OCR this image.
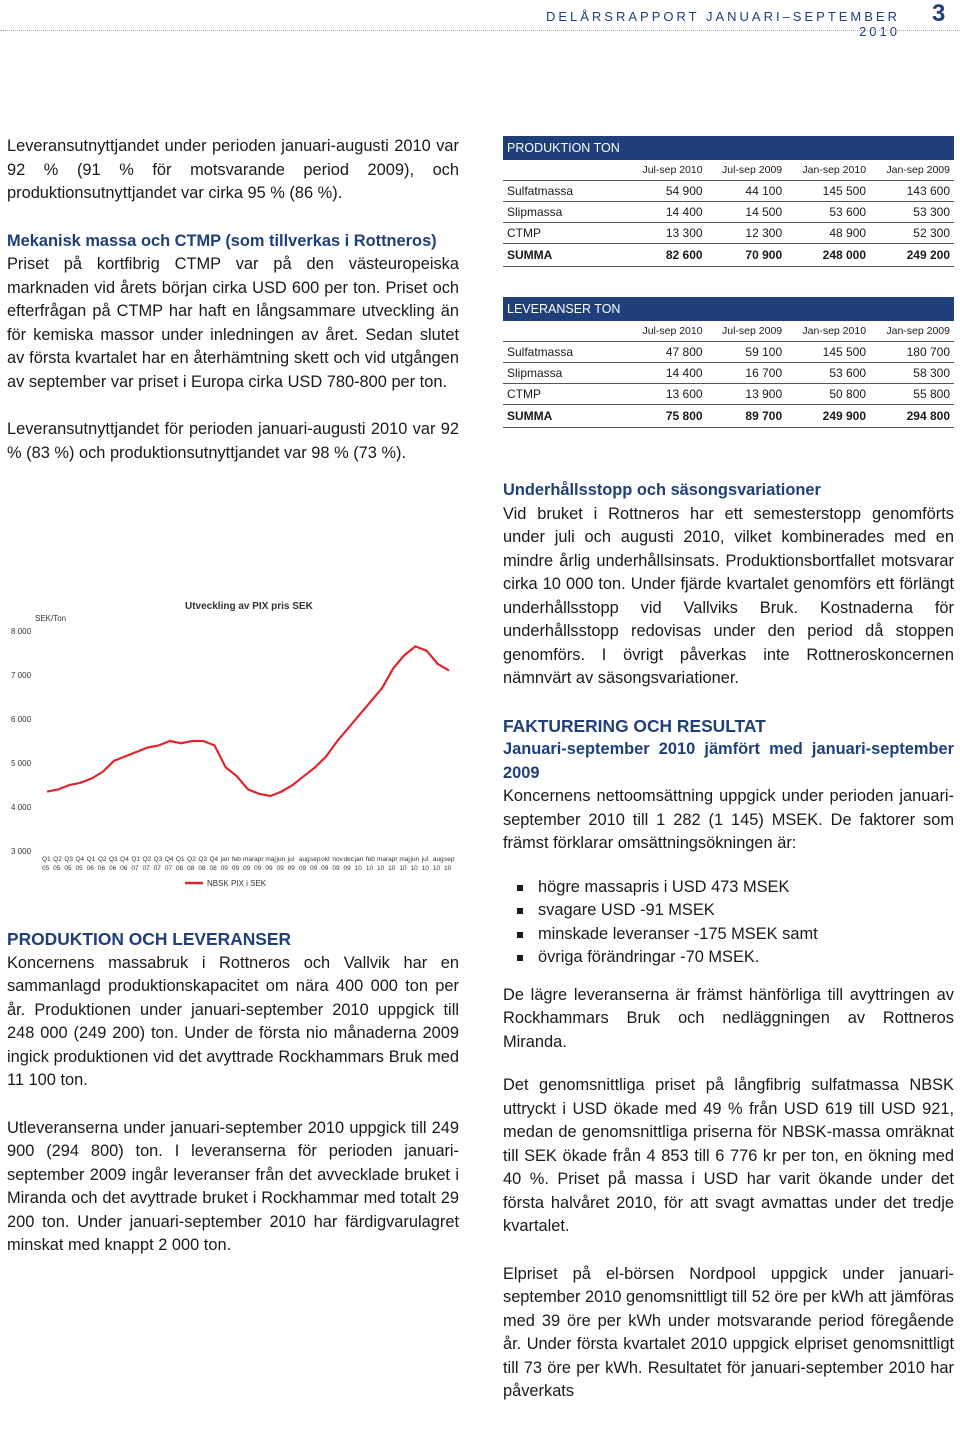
DELÅRSRAPPORT JANUARI–SEPTEMBER 2010
3

Leveransutnyttjandet under perioden januari-augusti 2010 var 92 % (91 % för motsvarande period 2009), och produktionsutnyttjandet var cirka 95 % (86 %).

Mekanisk massa och CTMP (som tillverkas i Rottneros)

Priset på kortfibrig CTMP var på den västeuropeiska marknaden vid årets början cirka USD 600 per ton. Priset och efterfrågan på CTMP har haft en långsammare utveckling än för kemiska massor under inledningen av året. Sedan slutet av första kvartalet har en återhämtning skett och vid utgången av september var priset i Europa cirka USD 780-800 per ton.

Leveransutnyttjandet för perioden januari-augusti 2010 var 92 % (83 %) och produktionsutnyttjandet var 98 % (73 %).

Utveckling av PIX pris SEK
SEK/Ton
8 000
7 000
6 000
5 000
4 000
3 000
Q1
05
Q2
05
Q3
05
Q4
05
Q1
06
Q2
06
Q3
06
Q4
06
Q1
07
Q2
07
Q3
07
Q4
07
Q1
08
Q2
08
Q3
08
Q4
08
jan
09
feb
09
mar
09
apr
09
maj
09
jun
09
jul
09
aug
09
sep
09
okt
09
nov
09
dec
09
jan
10
feb
10
mar
10
apr
10
maj
10
jun
10
jul
10
aug
10
sep
10
NBSK PIX i SEK
PRODUKTION OCH LEVERANSER

Koncernens massabruk i Rottneros och Vallvik har en sammanlagd produktionskapacitet om nära 400 000 ton per år. Produktionen under januari-september 2010 uppgick till 248 000 (249 200) ton. Under de första nio månaderna 2009 ingick produktionen vid det avyttrade Rockhammars Bruk med 11 100 ton.

Utleveranserna under januari-september 2010 uppgick till 249 900 (294 800) ton. I leveranserna för perioden januari-september 2009 ingår leveranser från det avvecklade bruket i Miranda och det avyttrade bruket i Rockhammar med totalt 29 200 ton. Under januari-september 2010 har färdigvarulagret minskat med knappt 2 000 ton.

PRODUKTION TON
	Jul-sep 2010	Jul-sep 2009	Jan-sep 2010	Jan-sep 2009
Sulfatmassa	54 900	44 100	145 500	143 600
Slipmassa	14 400	14 500	53 600	53 300
CTMP	13 300	12 300	48 900	52 300
SUMMA	82 600	70 900	248 000	249 200
LEVERANSER TON
	Jul-sep 2010	Jul-sep 2009	Jan-sep 2010	Jan-sep 2009
Sulfatmassa	47 800	59 100	145 500	180 700
Slipmassa	14 400	16 700	53 600	58 300
CTMP	13 600	13 900	50 800	55 800
SUMMA	75 800	89 700	249 900	294 800
Underhållsstopp och säsongsvariationer

Vid bruket i Rottneros har ett semesterstopp genomförts under juli och augusti 2010, vilket kombinerades med en mindre årlig underhållsinsats. Produktionsbortfallet motsvarar cirka 10 000 ton. Under fjärde kvartalet genomförs ett förlängt underhållsstopp vid Vallviks Bruk. Kostnaderna för underhållsstopp redovisas under den period då stoppen genomförs. I övrigt påverkas inte Rottneroskoncernen nämnvärt av säsongsvariationer.

FAKTURERING OCH RESULTAT

Januari-september 2010 jämfört med januari-september 2009

Koncernens nettoomsättning uppgick under perioden januari-september 2010 till 1 282 (1 145) MSEK. De faktorer som främst förklarar omsättningsökningen är:

högre massapris i USD 473 MSEK
svagare USD -91 MSEK
minskade leveranser -175 MSEK samt
övriga förändringar -70 MSEK.

De lägre leveranserna är främst hänförliga till avyttringen av Rockhammars Bruk och nedläggningen av Rottneros Miranda.

Det genomsnittliga priset på långfibrig sulfatmassa NBSK uttryckt i USD ökade med 49 % från USD 619 till USD 921, medan de genomsnittliga priserna för NBSK-massa omräknat till SEK ökade från 4 853 till 6 776 kr per ton, en ökning med 40 %. Priset på massa i USD har varit ökande under det första halvåret 2010, för att svagt avmattas under det tredje kvartalet.

Elpriset på el-börsen Nordpool uppgick under januari-september 2010 genomsnittligt till 52 öre per kWh att jämföras med 39 öre per kWh under motsvarande period föregående år. Under första kvartalet 2010 uppgick elpriset genomsnittligt till 73 öre per kWh. Resultatet för januari-september 2010 har påverkats
